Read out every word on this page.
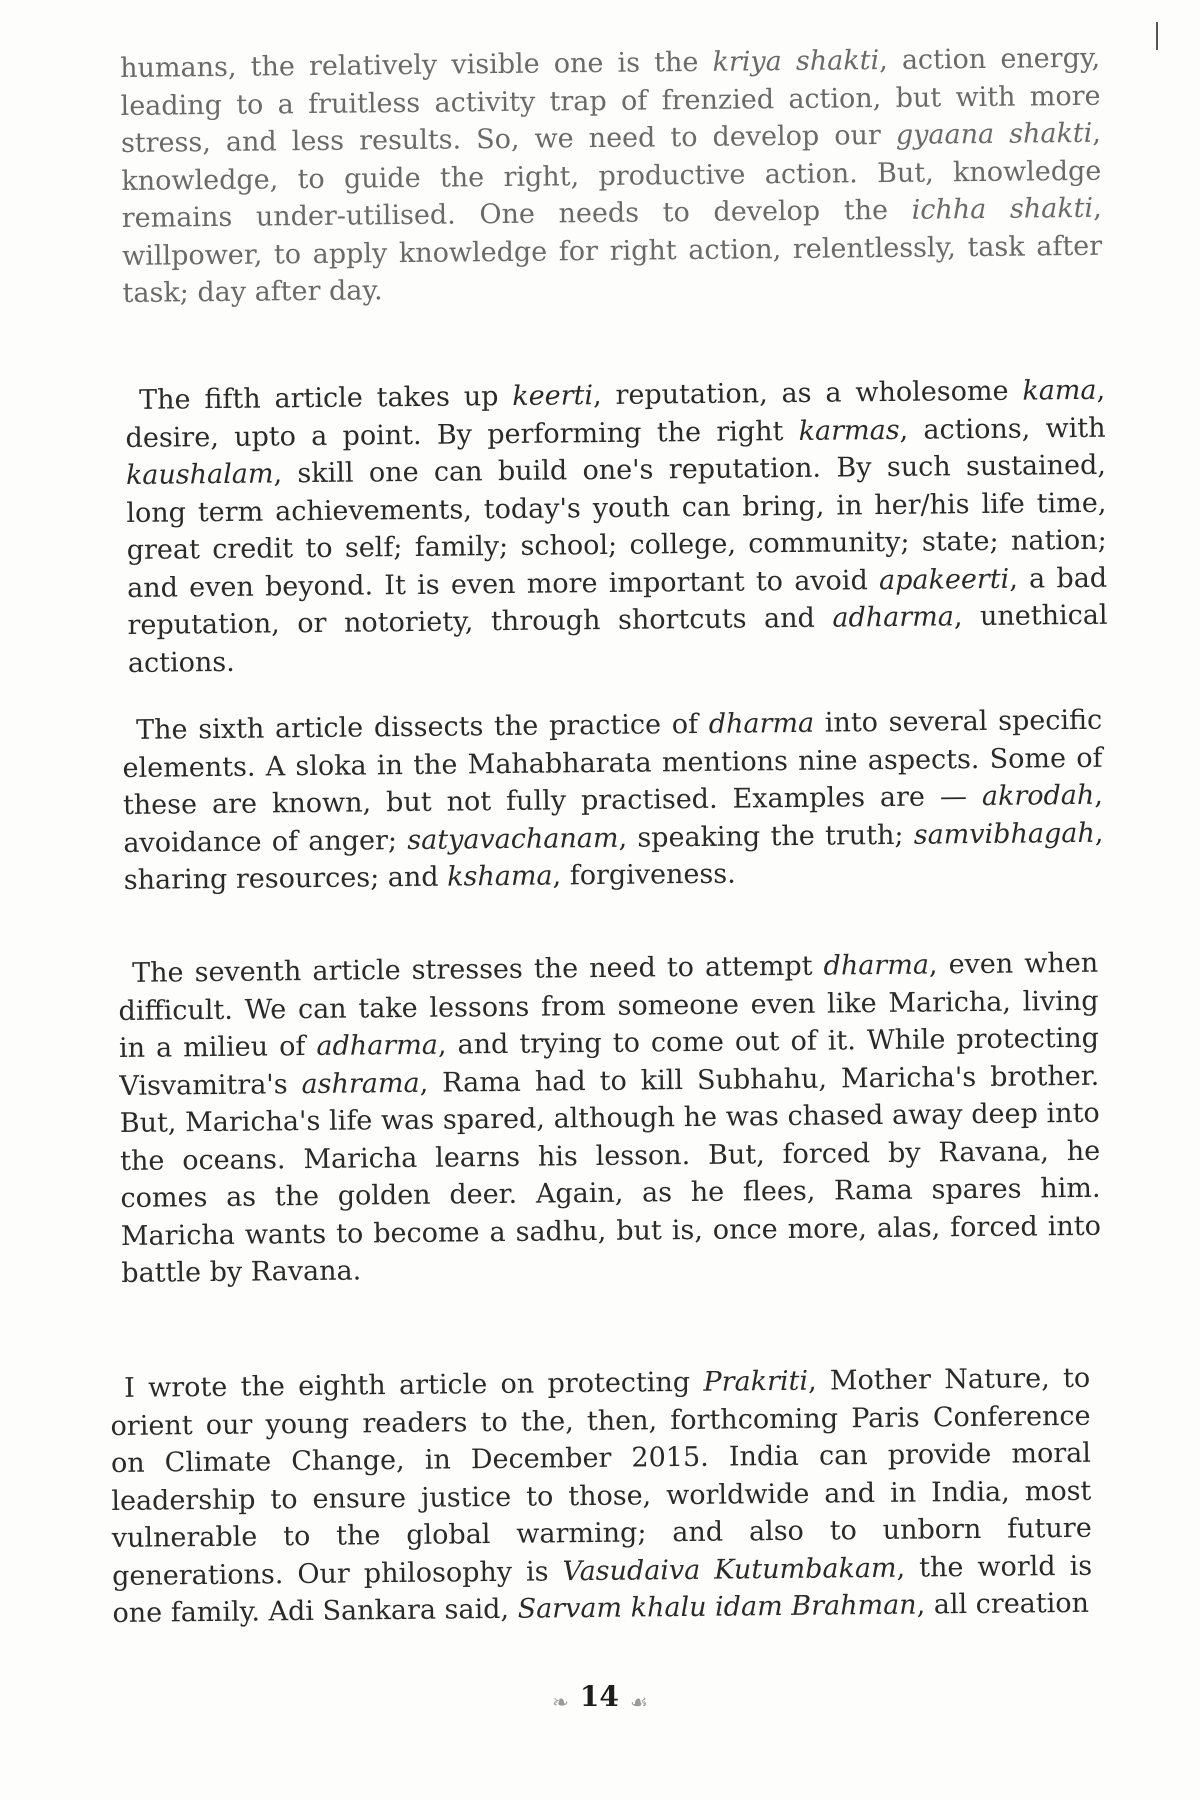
humans, the relatively visible one is the kriya shakti, action energy, leading to a fruitless activity trap of frenzied action, but with more stress, and less results. So, we need to develop our gyaana shakti, knowledge, to guide the right, productive action. But, knowledge remains under-utilised. One needs to develop the ichha shakti, willpower, to apply knowledge for right action, relentlessly, task after task; day after day.

The fifth article takes up keerti, reputation, as a wholesome kama, desire, upto a point. By performing the right karmas, actions, with kaushalam, skill one can build one's reputation. By such sustained, long term achievements, today's youth can bring, in her/his life time, great credit to self; family; school; college, community; state; nation; and even beyond. It is even more important to avoid apakeerti, a bad reputation, or notoriety, through shortcuts and adharma, unethical actions.

The sixth article dissects the practice of dharma into several specific elements. A sloka in the Mahabharata mentions nine aspects. Some of these are known, but not fully practised. Examples are — akrodah, avoidance of anger; satyavachanam, speaking the truth; samvibhagah, sharing resources; and kshama, forgiveness.

The seventh article stresses the need to attempt dharma, even when difficult. We can take lessons from someone even like Maricha, living in a milieu of adharma, and trying to come out of it. While protecting Visvamitra's ashrama, Rama had to kill Subhahu, Maricha's brother. But, Maricha's life was spared, although he was chased away deep into the oceans. Maricha learns his lesson. But, forced by Ravana, he comes as the golden deer. Again, as he flees, Rama spares him. Maricha wants to become a sadhu, but is, once more, alas, forced into battle by Ravana.

I wrote the eighth article on protecting Prakriti, Mother Nature, to orient our young readers to the, then, forthcoming Paris Conference on Climate Change, in December 2015. India can provide moral leadership to ensure justice to those, worldwide and in India, most vulnerable to the global warming; and also to unborn future generations. Our philosophy is Vasudaiva Kutumbakam, the world is one family. Adi Sankara said, Sarvam khalu idam Brahman, all creation

❧ 14 ☙
